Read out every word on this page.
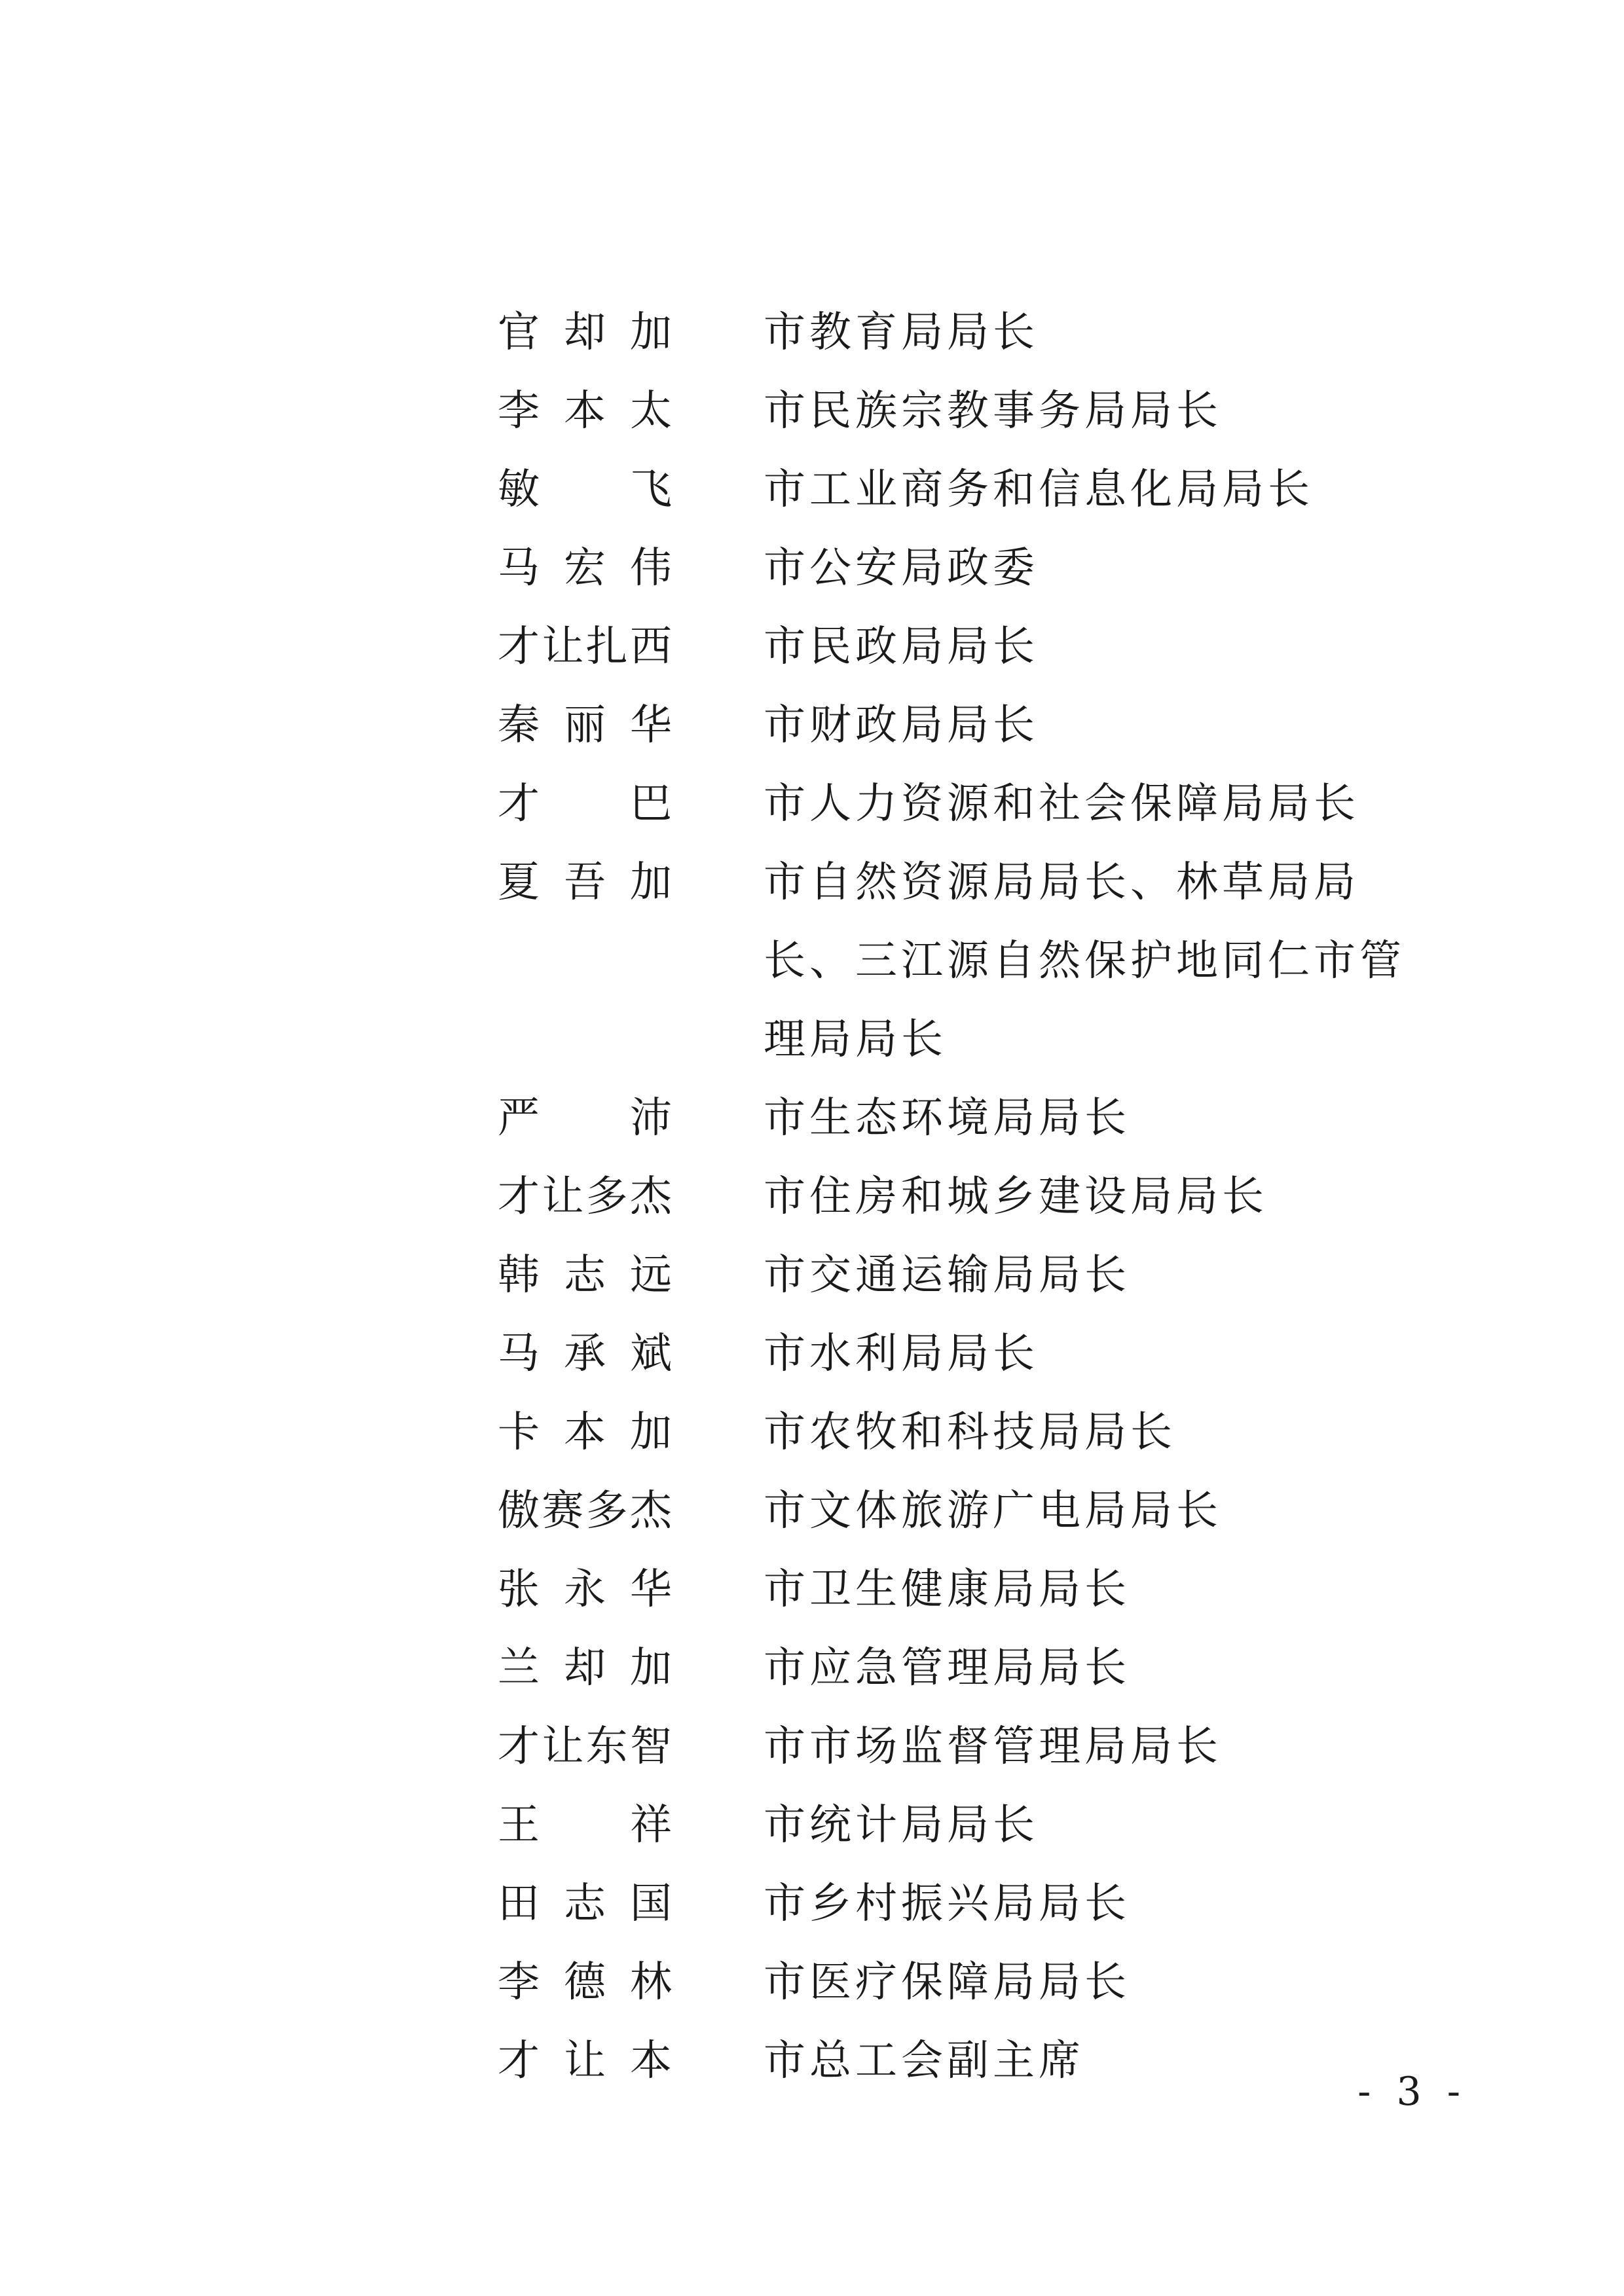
官 却 加 市教育局局长
李 本 太 市民族宗教事务局局长
敏 飞 市工业商务和信息化局局长
马 宏 伟 市公安局政委
才 让 扎 西 市民政局局长
秦 丽 华 市财政局局长
才 巴 市人力资源和社会保障局局长
夏 吾 加 市自然资源局局长、林草局局长、三江源自然保护地同仁市管理局局长
严 沛 市生态环境局局长
才 让 多 杰 市住房和城乡建设局局长
韩 志 远 市交通运输局局长
马 承 斌 市水利局局长
卡 本 加 市农牧和科技局局长
傲 赛 多 杰 市文体旅游广电局局长
张 永 华 市卫生健康局局长
兰 却 加 市应急管理局局长
才 让 东 智 市市场监督管理局局长
王 祥 市统计局局长
田 志 国 市乡村振兴局局长
李 德 林 市医疗保障局局长
才 让 本 市总工会副主席
- 3 -
